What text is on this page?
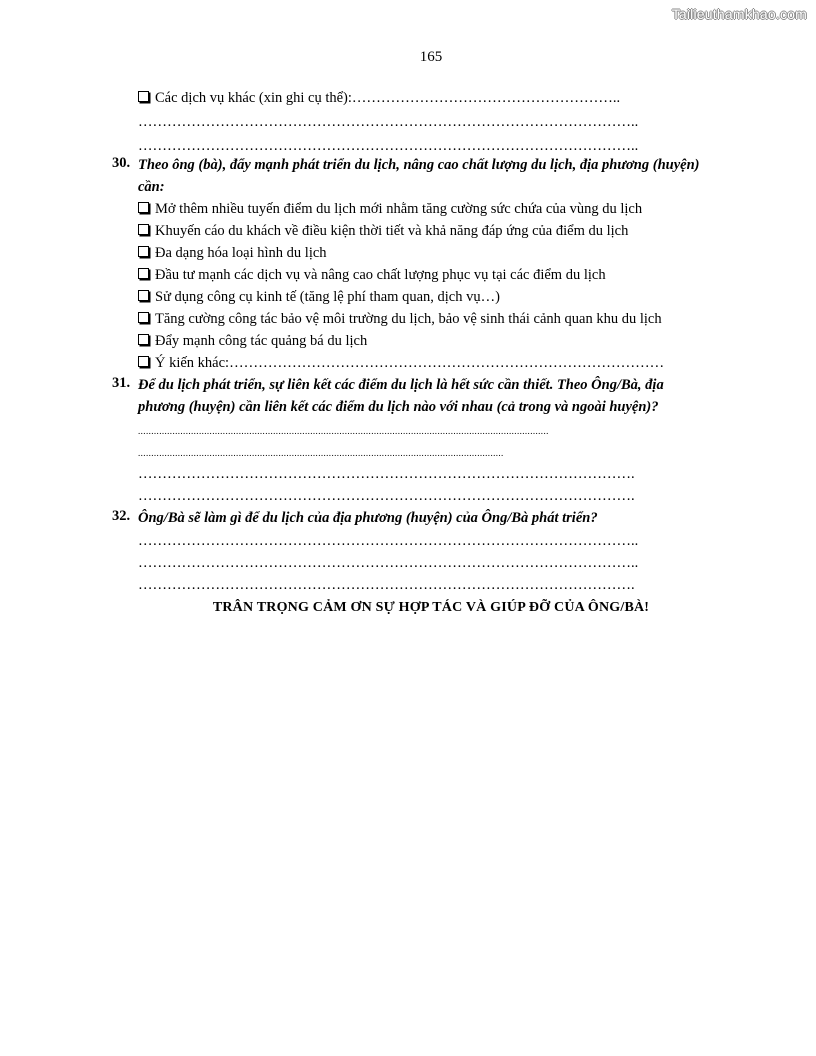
Tailieuthamkhao.com
165
Các dịch vụ khác (xin ghi cụ thể):………………………………………………..
…………………………………………………………………………………………..
…………………………………………………………………………………………..
30. Theo ông (bà), đẩy mạnh phát triển du lịch, nâng cao chất lượng du lịch, địa phương (huyện)
cần:
Mở thêm nhiều tuyến điểm du lịch mới nhằm tăng cường sức chứa của vùng du lịch
Khuyến cáo du khách về điều kiện thời tiết và khả năng đáp ứng của điểm du lịch
Đa dạng hóa loại hình du lịch
Đầu tư mạnh các dịch vụ và nâng cao chất lượng phục vụ tại các điểm du lịch
Sử dụng công cụ kinh tế (tăng lệ phí tham quan, dịch vụ…)
Tăng cường công tác bảo vệ môi trường du lịch, bảo vệ sinh thái cảnh quan khu du lịch
Đẩy mạnh công tác quảng bá du lịch
Ý kiến khác:………………………………………………………………………………
31. Để du lịch phát triển, sự liên kết các điểm du lịch là hết sức cần thiết. Theo Ông/Bà, địa
phương (huyện) cần liên kết các điểm du lịch nào với nhau (cả trong và ngoài huyện)?
...........................................................................................................................................................
..........................................................................................................................................
………………………………………………………………………………………….
………………………………………………………………………………………….
32. Ông/Bà sẽ làm gì để du lịch của địa phương (huyện) của Ông/Bà phát triển?
…………………………………………………………………………………………..
…………………………………………………………………………………………..
………………………………………………………………………………………….
TRÂN TRỌNG CẢM ƠN SỰ HỢP TÁC VÀ GIÚP ĐỠ CỦA ÔNG/BÀ!
